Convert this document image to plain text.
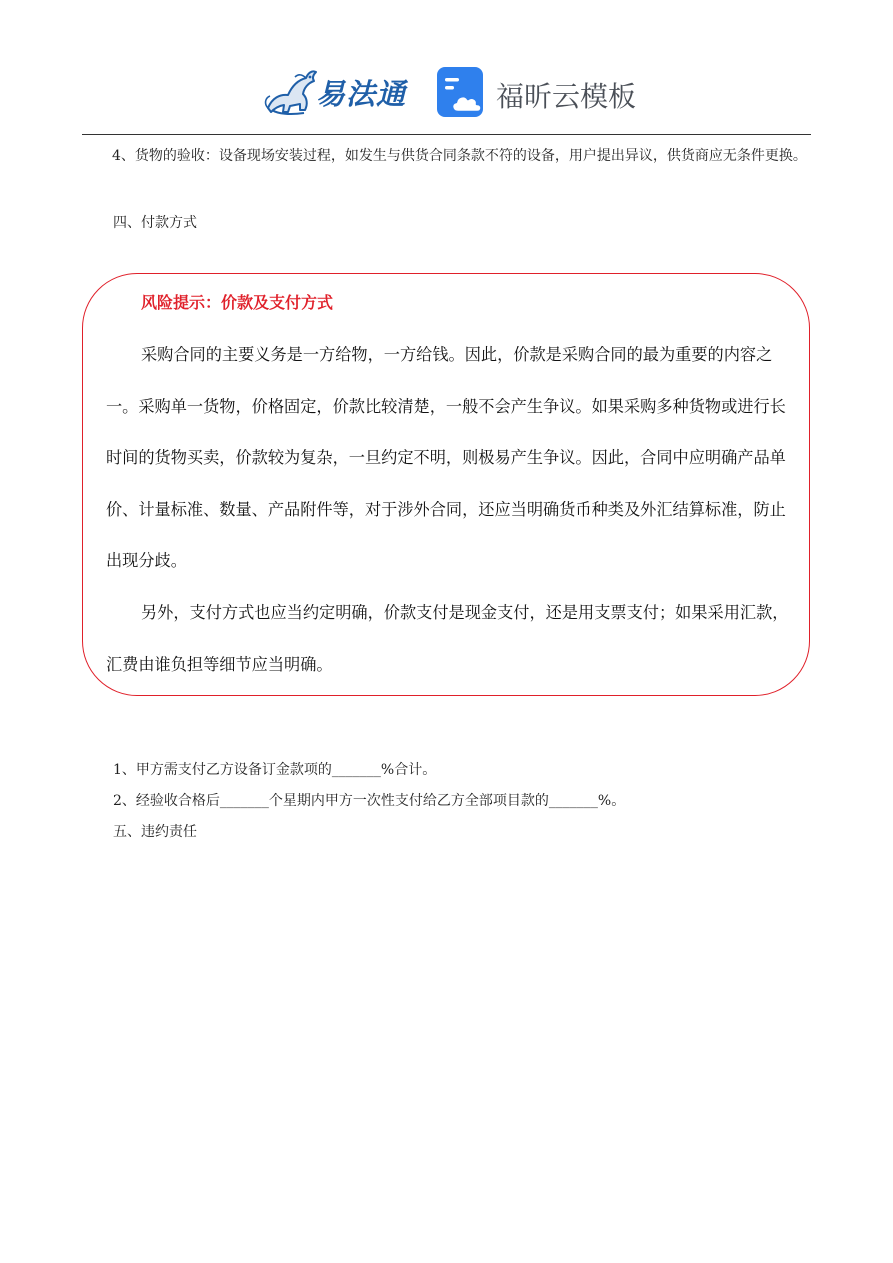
易法通	福昕云模板

4、货物的验收：设备现场安装过程，如发生与供货合同条款不符的设备，用户提出异议，供货商应无条件更换。

四、付款方式
风险提示：价款及支付方式

采购合同的主要义务是一方给物，一方给钱。因此，价款是采购合同的最为重要的内容之一。采购单一货物，价格固定，价款比较清楚，一般不会产生争议。如果采购多种货物或进行长时间的货物买卖，价款较为复杂，一旦约定不明，则极易产生争议。因此，合同中应明确产品单价、计量标准、数量、产品附件等，对于涉外合同，还应当明确货币种类及外汇结算标准，防止出现分歧。

另外，支付方式也应当约定明确，价款支付是现金支付，还是用支票支付；如果采用汇款，汇费由谁负担等细节应当明确。

1、甲方需支付乙方设备订金款项的_______%合计。
2、经验收合格后_______个星期内甲方一次性支付给乙方全部项目款的_______%。
五、违约责任
